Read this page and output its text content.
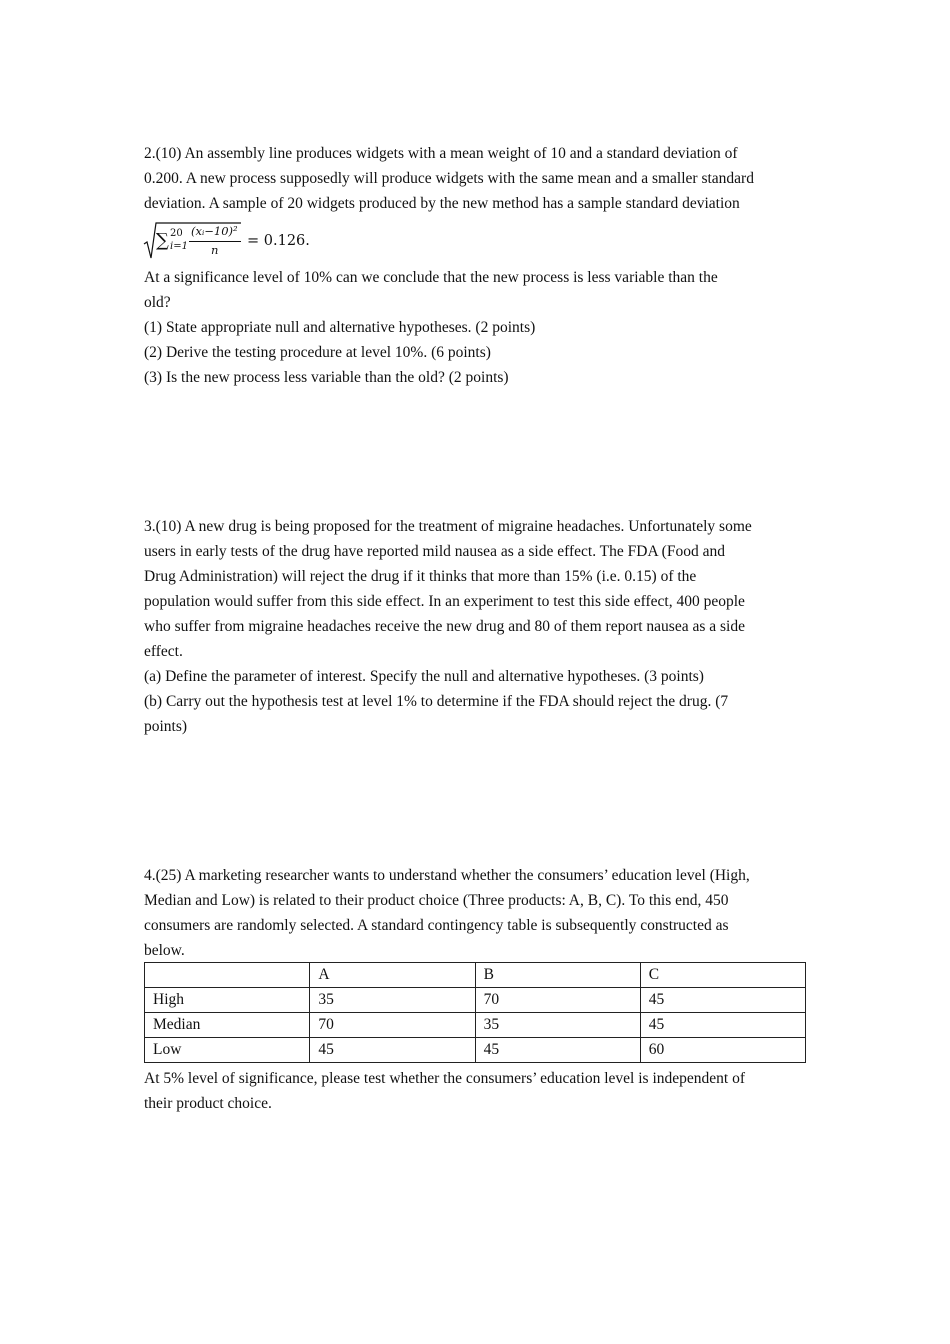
2.(10) An assembly line produces widgets with a mean weight of 10 and a standard deviation of
0.200. A new process supposedly will produce widgets with the same mean and a smaller standard
deviation. A sample of 20 widgets produced by the new method has a sample standard deviation
∑ 20
i=1
(xᵢ−10)²
n
= 0.126.
At a significance level of 10% can we conclude that the new process is less variable than the
old?
(1) State appropriate null and alternative hypotheses. (2 points)
(2) Derive the testing procedure at level 10%. (6 points)
(3) Is the new process less variable than the old? (2 points)
3.(10) A new drug is being proposed for the treatment of migraine headaches. Unfortunately some
users in early tests of the drug have reported mild nausea as a side effect. The FDA (Food and
Drug Administration) will reject the drug if it thinks that more than 15% (i.e. 0.15) of the
population would suffer from this side effect. In an experiment to test this side effect, 400 people
who suffer from migraine headaches receive the new drug and 80 of them report nausea as a side
effect.
(a) Define the parameter of interest. Specify the null and alternative hypotheses. (3 points)
(b) Carry out the hypothesis test at level 1% to determine if the FDA should reject the drug. (7
points)
4.(25) A marketing researcher wants to understand whether the consumers’ education level (High,
Median and Low) is related to their product choice (Three products: A, B, C). To this end, 450
consumers are randomly selected. A standard contingency table is subsequently constructed as
below.
	A	B	C
High	35	70	45
Median	70	35	45
Low	45	45	60
At 5% level of significance, please test whether the consumers’ education level is independent of
their product choice.
